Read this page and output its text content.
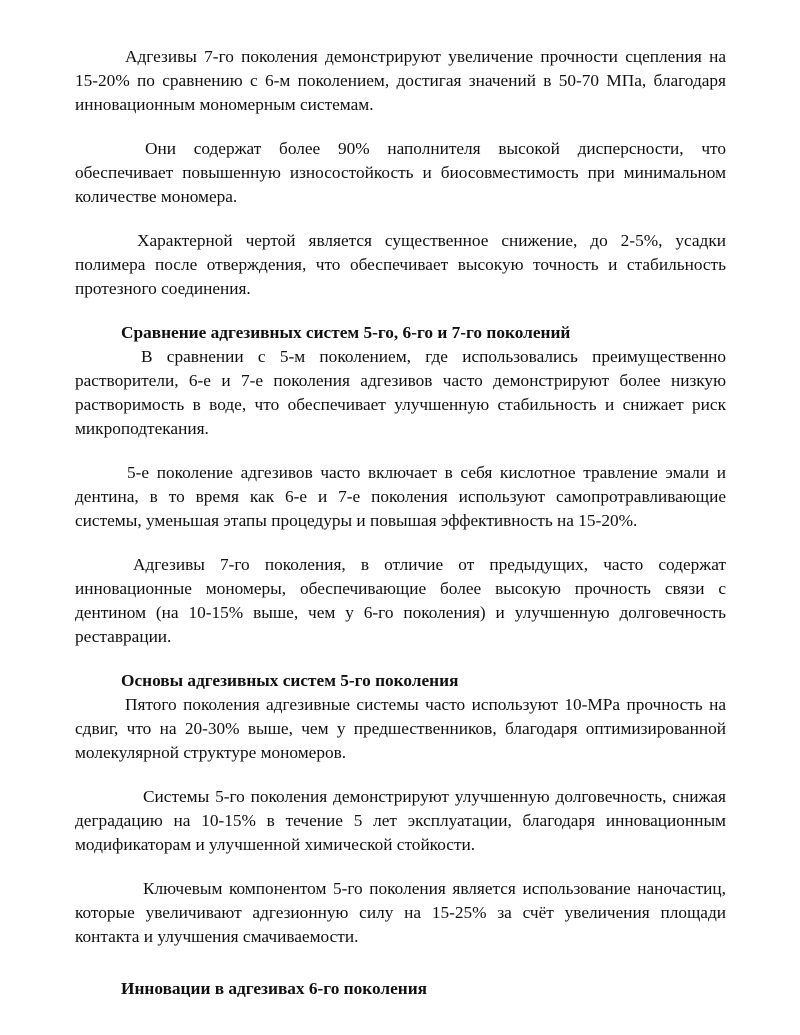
Адгезивы 7-го поколения демонстрируют увеличение прочности сцепления на 15-20% по сравнению с 6-м поколением, достигая значений в 50-70 МПа, благодаря инновационным мономерным системам.

Они содержат более 90% наполнителя высокой дисперсности, что обеспечивает повышенную износостойкость и биосовместимость при минимальном количестве мономера.

Характерной чертой является существенное снижение, до 2-5%, усадки полимера после отверждения, что обеспечивает высокую точность и стабильность протезного соединения.

Сравнение адгезивных систем 5-го, 6-го и 7-го поколений

В сравнении с 5-м поколением, где использовались преимущественно растворители, 6-е и 7-е поколения адгезивов часто демонстрируют более низкую растворимость в воде, что обеспечивает улучшенную стабильность и снижает риск микроподтекания.

5-е поколение адгезивов часто включает в себя кислотное травление эмали и дентина, в то время как 6-е и 7-е поколения используют самопротравливающие системы, уменьшая этапы процедуры и повышая эффективность на 15-20%.

Адгезивы 7-го поколения, в отличие от предыдущих, часто содержат инновационные мономеры, обеспечивающие более высокую прочность связи с дентином (на 10-15% выше, чем у 6-го поколения) и улучшенную долговечность реставрации.

Основы адгезивных систем 5-го поколения

Пятого поколения адгезивные системы часто используют 10-МРа прочность на сдвиг, что на 20-30% выше, чем у предшественников, благодаря оптимизированной молекулярной структуре мономеров.

Системы 5-го поколения демонстрируют улучшенную долговечность, снижая деградацию на 10-15% в течение 5 лет эксплуатации, благодаря инновационным модификаторам и улучшенной химической стойкости.

Ключевым компонентом 5-го поколения является использование наночастиц, которые увеличивают адгезионную силу на 15-25% за счёт увеличения площади контакта и улучшения смачиваемости.

Инновации в адгезивах 6-го поколения
